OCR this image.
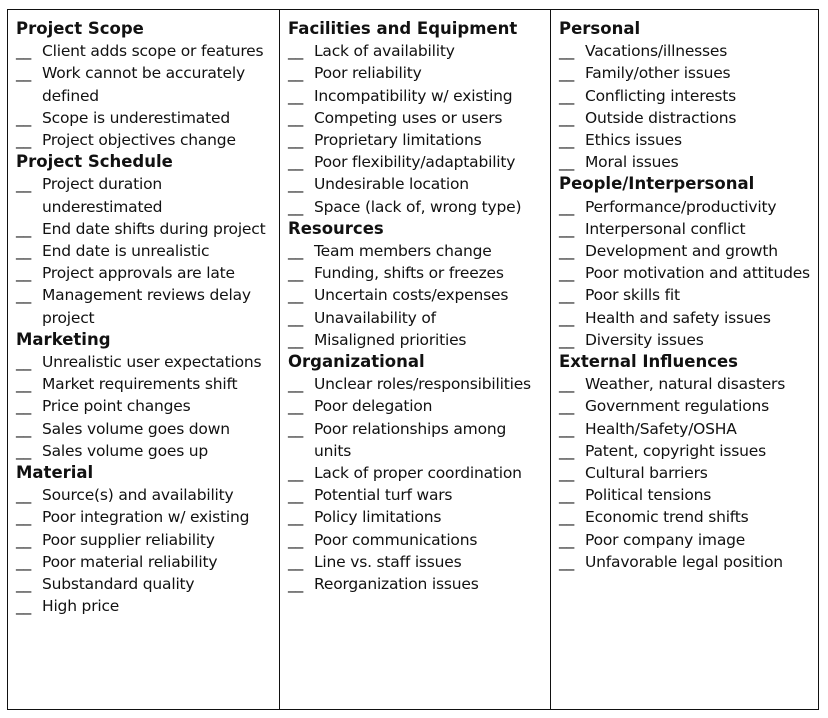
Project Scope
__
Client adds scope or features
__
Work cannot be accurately defined
__
Scope is underestimated
__
Project objectives change
Project Schedule
__
Project duration underestimated
__
End date shifts during project
__
End date is unrealistic
__
Project approvals are late
__
Management reviews delay project
Marketing
__
Unrealistic user expectations
__
Market requirements shift
__
Price point changes
__
Sales volume goes down
__
Sales volume goes up
Material
__
Source(s) and availability
__
Poor integration w/ existing
__
Poor supplier reliability
__
Poor material reliability
__
Substandard quality
__
High price
Facilities and Equipment
__
Lack of availability
__
Poor reliability
__
Incompatibility w/ existing
__
Competing uses or users
__
Proprietary limitations
__
Poor flexibility/adaptability
__
Undesirable location
__
Space (lack of, wrong type)
Resources
__
Team members change
__
Funding, shifts or freezes
__
Uncertain costs/expenses
__
Unavailability of
__
Misaligned priorities
Organizational
__
Unclear roles/responsibilities
__
Poor delegation
__
Poor relationships among units
__
Lack of proper coordination
__
Potential turf wars
__
Policy limitations
__
Poor communications
__
Line vs. staff issues
__
Reorganization issues
Personal
__
Vacations/illnesses
__
Family/other issues
__
Conflicting interests
__
Outside distractions
__
Ethics issues
__
Moral issues
People/Interpersonal
__
Performance/productivity
__
Interpersonal conflict
__
Development and growth
__
Poor motivation and attitudes
__
Poor skills fit
__
Health and safety issues
__
Diversity issues
External Influences
__
Weather, natural disasters
__
Government regulations
__
Health/Safety/OSHA
__
Patent, copyright issues
__
Cultural barriers
__
Political tensions
__
Economic trend shifts
__
Poor company image
__
Unfavorable legal position
